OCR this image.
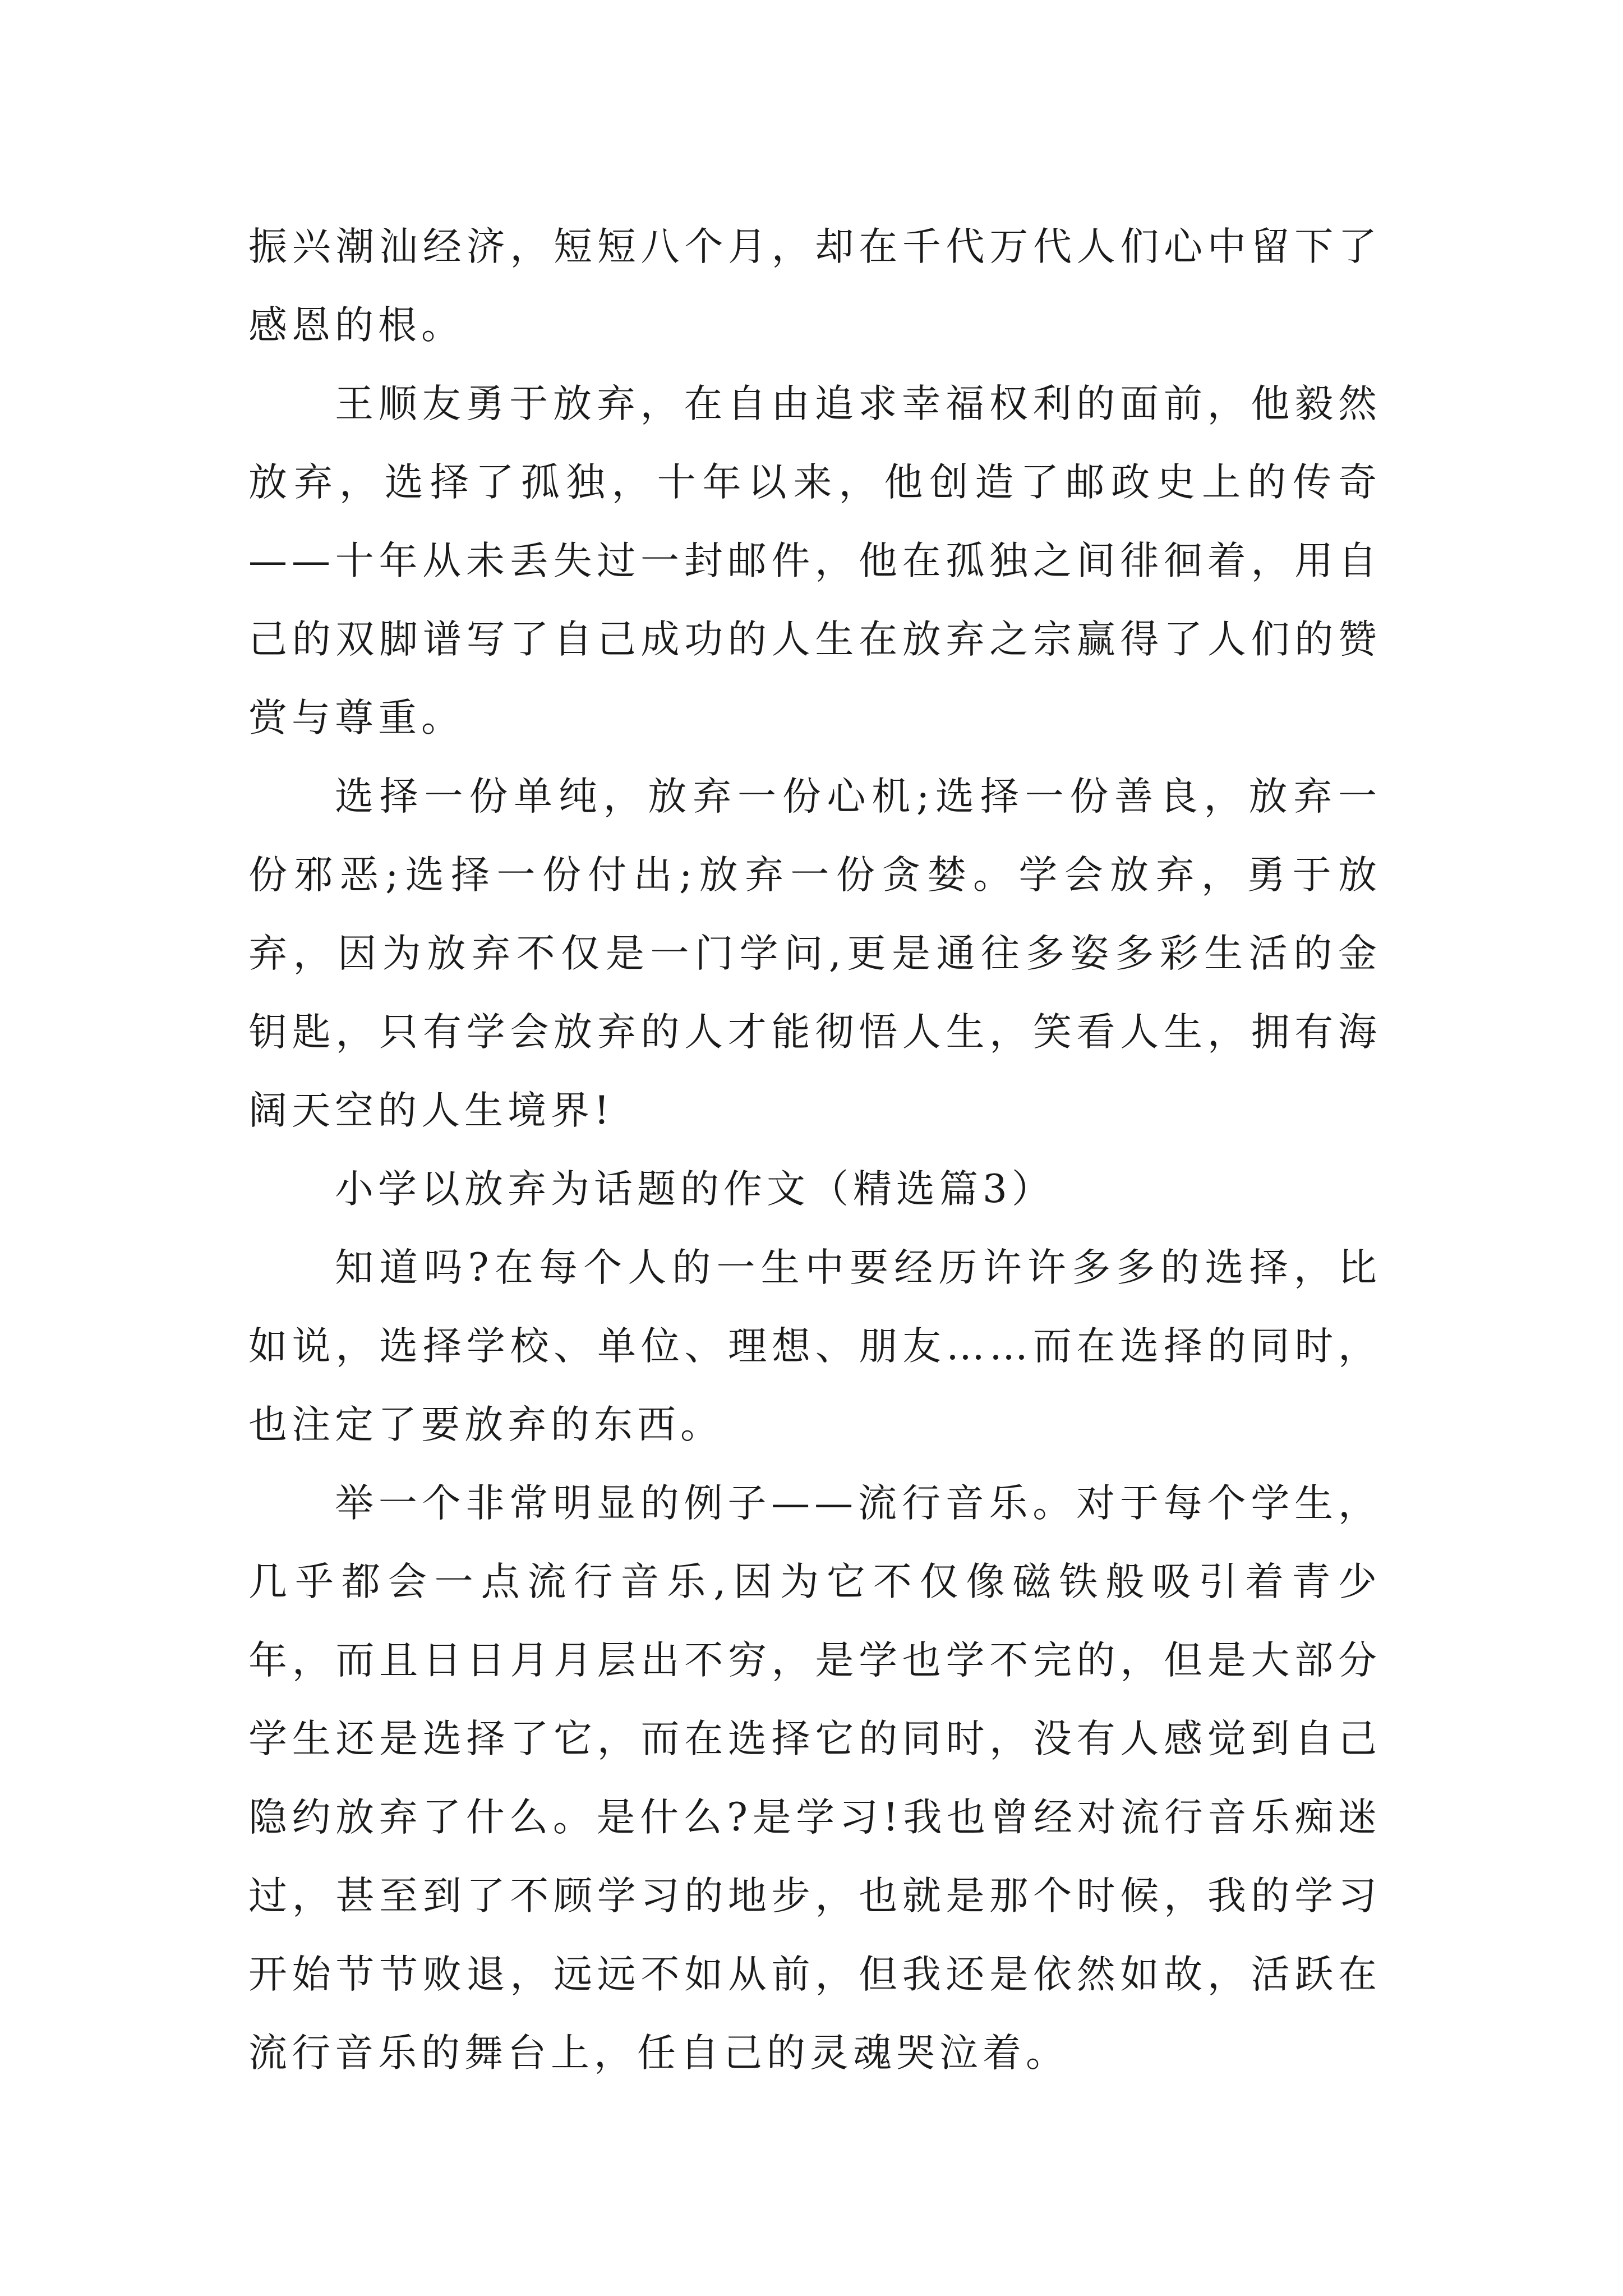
振兴潮汕经济，短短八个月，却在千代万代人们心中留下了感恩的根。

王顺友勇于放弃，在自由追求幸福权利的面前，他毅然放弃，选择了孤独，十年以来，他创造了邮政史上的传奇——十年从未丢失过一封邮件，他在孤独之间徘徊着，用自己的双脚谱写了自己成功的人生在放弃之宗赢得了人们的赞赏与尊重。

选择一份单纯，放弃一份心机;选择一份善良，放弃一份邪恶;选择一份付出;放弃一份贪婪。学会放弃，勇于放弃，因为放弃不仅是一门学问,更是通往多姿多彩生活的金钥匙，只有学会放弃的人才能彻悟人生，笑看人生，拥有海阔天空的人生境界!

小学以放弃为话题的作文（精选篇3）

知道吗?在每个人的一生中要经历许许多多的选择，比如说，选择学校、单位、理想、朋友……而在选择的同时，也注定了要放弃的东西。

举一个非常明显的例子——流行音乐。对于每个学生，几乎都会一点流行音乐,因为它不仅像磁铁般吸引着青少年，而且日日月月层出不穷，是学也学不完的，但是大部分学生还是选择了它，而在选择它的同时，没有人感觉到自己隐约放弃了什么。是什么?是学习!我也曾经对流行音乐痴迷过，甚至到了不顾学习的地步，也就是那个时候，我的学习开始节节败退，远远不如从前，但我还是依然如故，活跃在流行音乐的舞台上，任自己的灵魂哭泣着。
